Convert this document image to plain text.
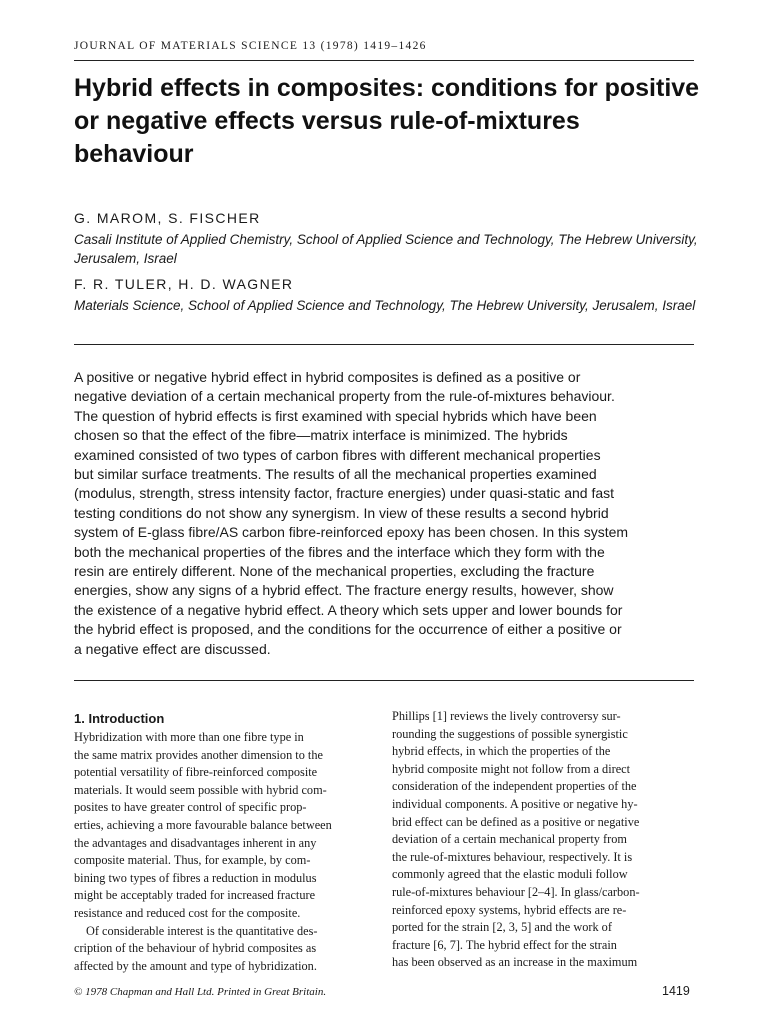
JOURNAL OF MATERIALS SCIENCE 13 (1978) 1419–1426
Hybrid effects in composites: conditions for positive or negative effects versus rule-of-mixtures behaviour
G. MAROM, S. FISCHER
Casali Institute of Applied Chemistry, School of Applied Science and Technology, The Hebrew University, Jerusalem, Israel
F. R. TULER, H. D. WAGNER
Materials Science, School of Applied Science and Technology, The Hebrew University, Jerusalem, Israel
A positive or negative hybrid effect in hybrid composites is defined as a positive or
negative deviation of a certain mechanical property from the rule-of-mixtures behaviour.
The question of hybrid effects is first examined with special hybrids which have been
chosen so that the effect of the fibre—matrix interface is minimized. The hybrids
examined consisted of two types of carbon fibres with different mechanical properties
but similar surface treatments. The results of all the mechanical properties examined
(modulus, strength, stress intensity factor, fracture energies) under quasi-static and fast
testing conditions do not show any synergism. In view of these results a second hybrid
system of E-glass fibre/AS carbon fibre-reinforced epoxy has been chosen. In this system
both the mechanical properties of the fibres and the interface which they form with the
resin are entirely different. None of the mechanical properties, excluding the fracture
energies, show any signs of a hybrid effect. The fracture energy results, however, show
the existence of a negative hybrid effect. A theory which sets upper and lower bounds for
the hybrid effect is proposed, and the conditions for the occurrence of either a positive or
a negative effect are discussed.
1. Introduction
Hybridization with more than one fibre type in
the same matrix provides another dimension to the
potential versatility of fibre-reinforced composite
materials. It would seem possible with hybrid com-
posites to have greater control of specific prop-
erties, achieving a more favourable balance between
the advantages and disadvantages inherent in any
composite material. Thus, for example, by com-
bining two types of fibres a reduction in modulus
might be acceptably traded for increased fracture
resistance and reduced cost for the composite.
Of considerable interest is the quantitative des-
cription of the behaviour of hybrid composites as
affected by the amount and type of hybridization.
Phillips [1] reviews the lively controversy sur-
rounding the suggestions of possible synergistic
hybrid effects, in which the properties of the
hybrid composite might not follow from a direct
consideration of the independent properties of the
individual components. A positive or negative hy-
brid effect can be defined as a positive or negative
deviation of a certain mechanical property from
the rule-of-mixtures behaviour, respectively. It is
commonly agreed that the elastic moduli follow
rule-of-mixtures behaviour [2–4]. In glass/carbon-
reinforced epoxy systems, hybrid effects are re-
ported for the strain [2, 3, 5] and the work of
fracture [6, 7]. The hybrid effect for the strain
has been observed as an increase in the maximum
© 1978 Chapman and Hall Ltd. Printed in Great Britain.	1419
